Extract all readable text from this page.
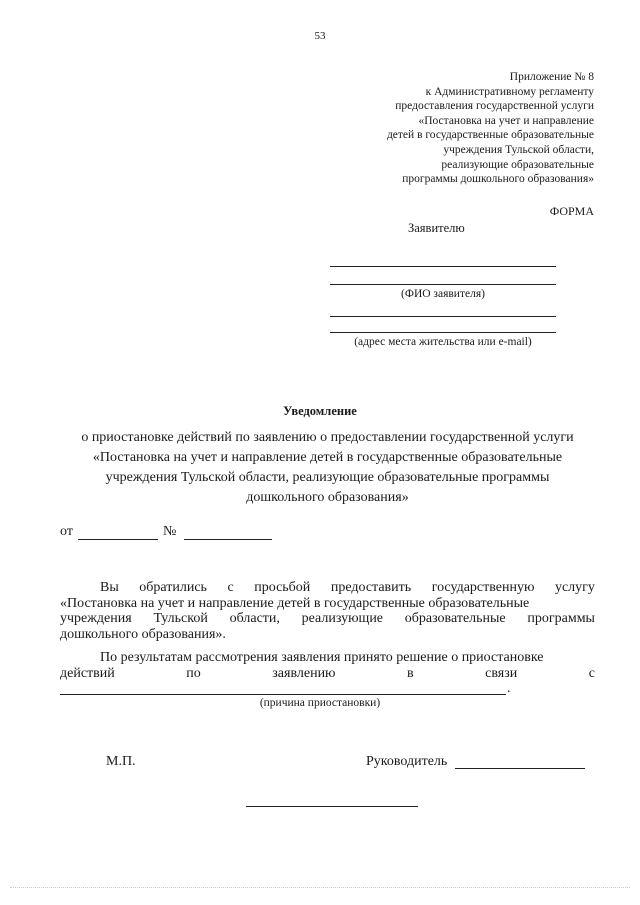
53
Приложение № 8
к Административному регламенту
предоставления государственной услуги
«Постановка на учет и направление
детей в государственные образовательные
учреждения Тульской области,
реализующие образовательные
программы дошкольного образования»
ФОРМА
Заявителю
(ФИО заявителя)
(адрес места жительства или e-mail)
Уведомление
о приостановке действий по заявлению о предоставлении государственной услуги
«Постановка на учет и направление детей в государственные образовательные
учреждения Тульской области, реализующие образовательные программы
дошкольного образования»
от	№
Вы обратились с просьбой предоставить государственную услугу
«Постановка на учет и направление детей в государственные образовательные
учреждения Тульской области, реализующие образовательные программы
дошкольного образования».
По результатам рассмотрения заявления принято решение о приостановке
действий	по	заявлению	в	связи	с
.
(причина приостановки)
М.П.	Руководитель
